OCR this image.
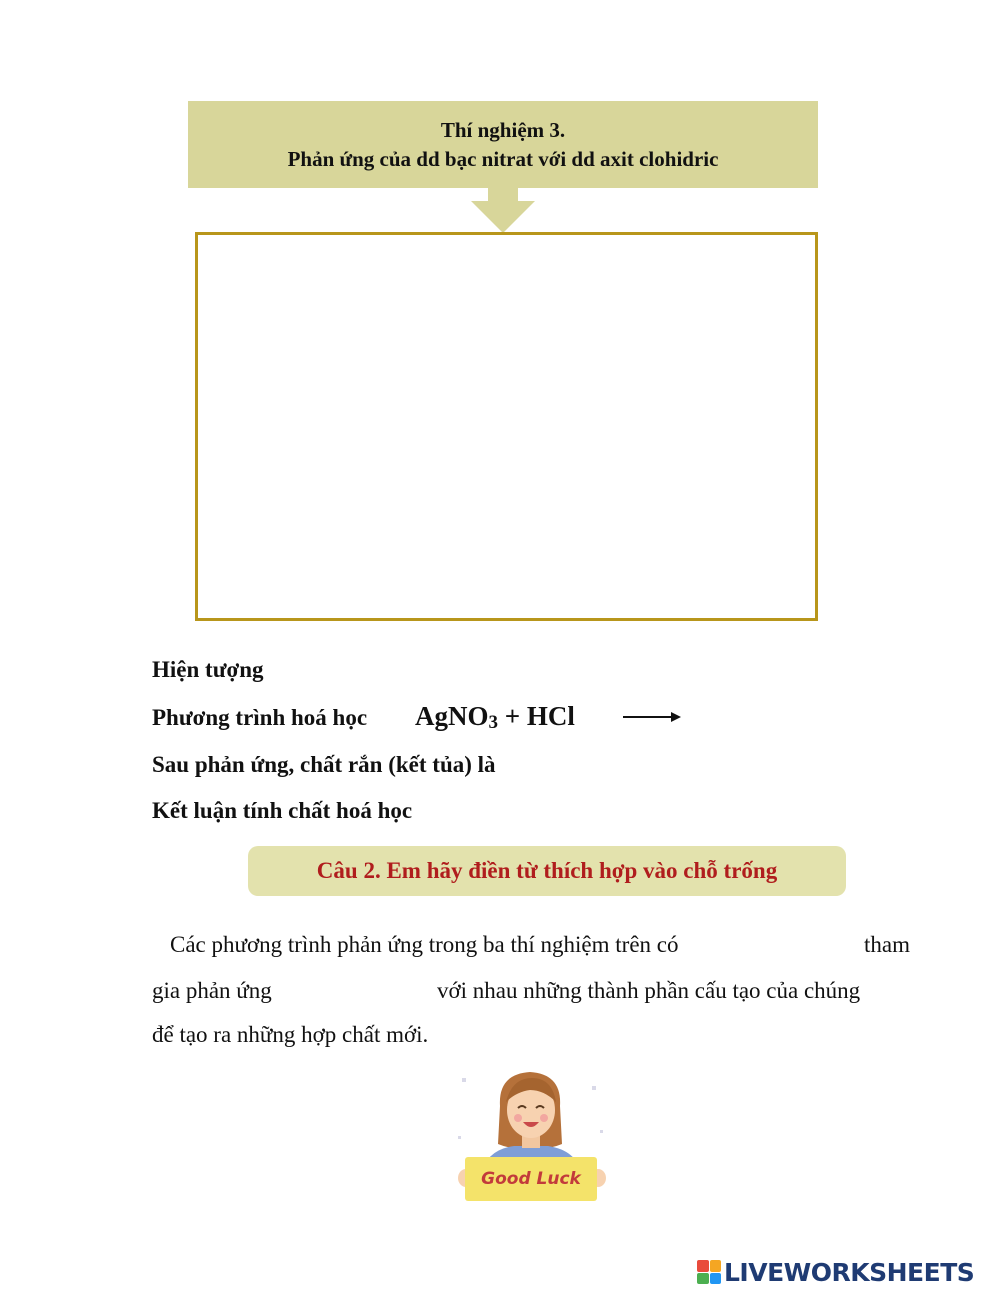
Thí nghiệm 3.
Phản ứng của dd bạc nitrat với dd axit clohidric
Hiện tượng
Phương trình hoá học AgNO$_3$ + HCl
Sau phản ứng, chất rắn (kết tủa) là
Kết luận tính chất hoá học
Câu 2. Em hãy điền từ thích hợp vào chỗ trống
Các phương trình phản ứng trong ba thí nghiệm trên có	tham
gia phản ứng	với nhau những thành phần cấu tạo của chúng
để tạo ra những hợp chất mới.
Good Luck
LIVEWORKSHEETS
